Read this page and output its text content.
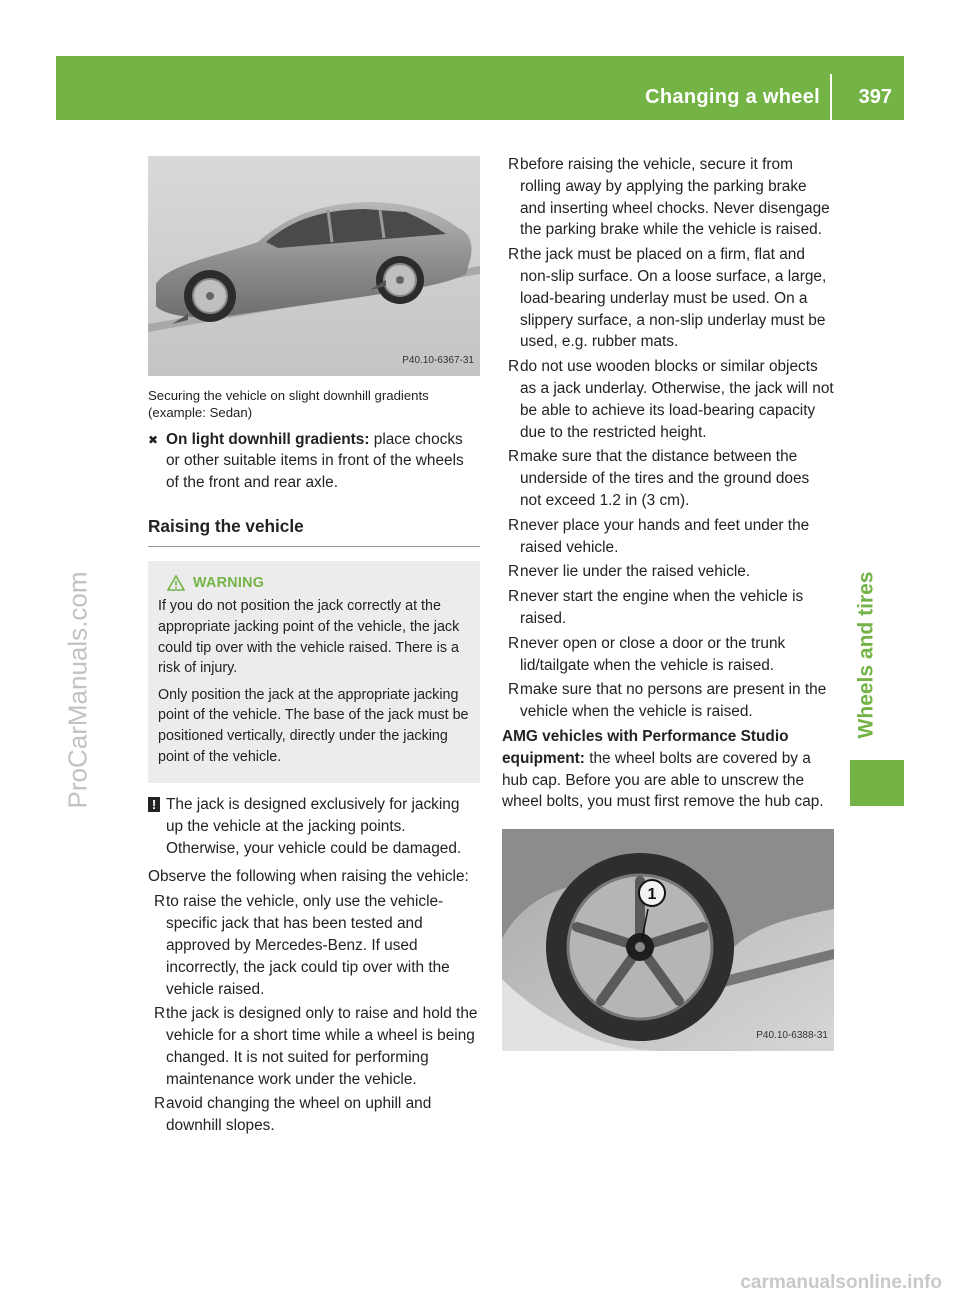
Changing a wheel 397
Wheels and tires
ProCarManuals.com
carmanualsonline.info
P40.10-6367-31
Securing the vehicle on slight downhill gradients (example: Sedan)
✖ On light downhill gradients: place chocks or other suitable items in front of the wheels of the front and rear axle.
Raising the vehicle
WARNING

If you do not position the jack correctly at the appropriate jacking point of the vehicle, the jack could tip over with the vehicle raised. There is a risk of injury.

Only position the jack at the appropriate jacking point of the vehicle. The base of the jack must be positioned vertically, directly under the jacking point of the vehicle.

! The jack is designed exclusively for jacking up the vehicle at the jacking points. Otherwise, your vehicle could be damaged.
Observe the following when raising the vehicle:
R to raise the vehicle, only use the vehicle-specific jack that has been tested and approved by Mercedes-Benz. If used incorrectly, the jack could tip over with the vehicle raised.
R the jack is designed only to raise and hold the vehicle for a short time while a wheel is being changed. It is not suited for performing maintenance work under the vehicle.
R avoid changing the wheel on uphill and downhill slopes.
R before raising the vehicle, secure it from rolling away by applying the parking brake and inserting wheel chocks. Never disengage the parking brake while the vehicle is raised.
R the jack must be placed on a firm, flat and non-slip surface. On a loose surface, a large, load-bearing underlay must be used. On a slippery surface, a non-slip underlay must be used, e.g. rubber mats.
R do not use wooden blocks or similar objects as a jack underlay. Otherwise, the jack will not be able to achieve its load-bearing capacity due to the restricted height.
R make sure that the distance between the underside of the tires and the ground does not exceed 1.2 in (3 cm).
R never place your hands and feet under the raised vehicle.
R never lie under the raised vehicle.
R never start the engine when the vehicle is raised.
R never open or close a door or the trunk lid/tailgate when the vehicle is raised.
R make sure that no persons are present in the vehicle when the vehicle is raised.
AMG vehicles with Performance Studio equipment: the wheel bolts are covered by a hub cap. Before you are able to unscrew the wheel bolts, you must first remove the hub cap.
1
P40.10-6388-31
